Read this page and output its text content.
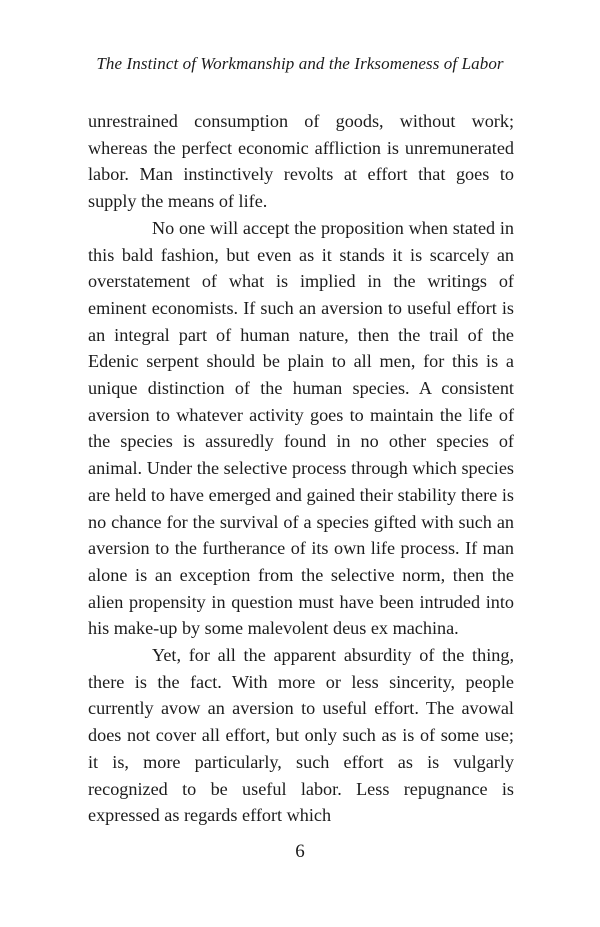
The Instinct of Workmanship and the Irksomeness of Labor

unrestrained consumption of goods, without work; whereas the perfect economic affliction is unremunerated labor. Man instinctively revolts at effort that goes to supply the means of life.

No one will accept the proposition when stated in this bald fashion, but even as it stands it is scarcely an overstatement of what is implied in the writings of eminent economists. If such an aversion to useful effort is an integral part of human nature, then the trail of the Edenic serpent should be plain to all men, for this is a unique distinction of the human species. A consistent aversion to whatever activity goes to maintain the life of the species is assuredly found in no other species of animal. Under the selective process through which species are held to have emerged and gained their stability there is no chance for the survival of a species gifted with such an aversion to the furtherance of its own life process. If man alone is an exception from the selective norm, then the alien propensity in question must have been intruded into his make-up by some malevolent deus ex machina.

Yet, for all the apparent absurdity of the thing, there is the fact. With more or less sincerity, people currently avow an aversion to useful effort. The avowal does not cover all effort, but only such as is of some use; it is, more particularly, such effort as is vulgarly recognized to be useful labor. Less repugnance is expressed as regards effort which

6
